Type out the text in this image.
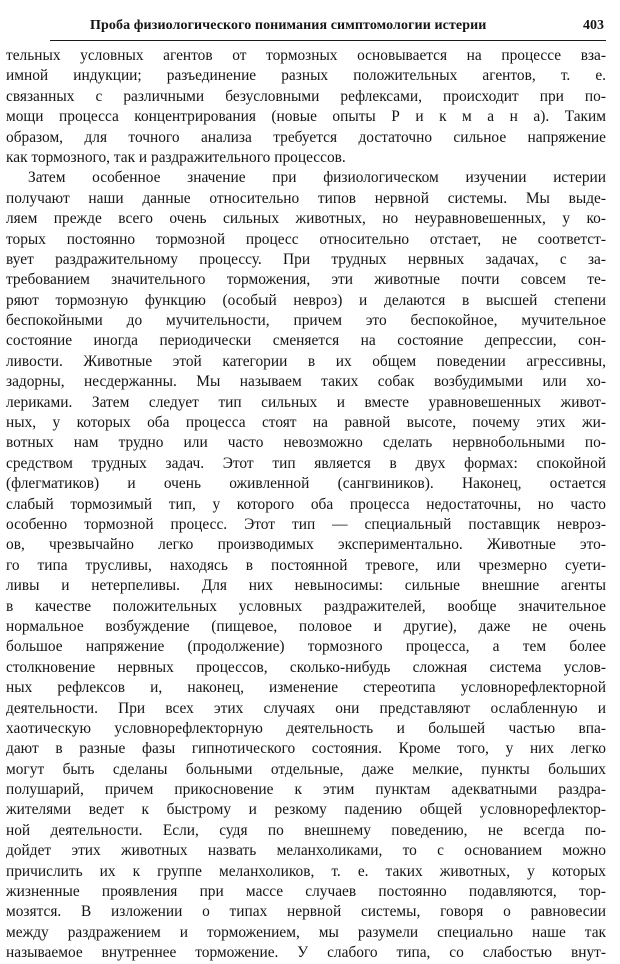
Проба физиологического понимания симптомологии истерии	403
тельных условных агентов от тормозных основывается на процессе вза-
имной индукции; разъединение разных положительных агентов, т. е.
связанных с различными безусловными рефлексами, происходит при по-
мощи процесса концентрирования (новые опыты Р и к м а н а). Таким
образом, для точного анализа требуется достаточно сильное напряжение
как тормозного, так и раздражительного процессов.
Затем особенное значение при физиологическом изучении истерии
получают наши данные относительно типов нервной системы. Мы выде-
ляем прежде всего очень сильных животных, но неуравновешенных, у ко-
торых постоянно тормозной процесс относительно отстает, не соответст-
вует раздражительному процессу. При трудных нервных задачах, с за-
требованием значительного торможения, эти животные почти совсем те-
ряют тормозную функцию (особый невроз) и делаются в высшей степени
беспокойными до мучительности, причем это беспокойное, мучительное
состояние иногда периодически сменяется на состояние депрессии, сон-
ливости. Животные этой категории в их общем поведении агрессивны,
задорны, несдержанны. Мы называем таких собак возбудимыми или хо-
лериками. Затем следует тип сильных и вместе уравновешенных живот-
ных, у которых оба процесса стоят на равной высоте, почему этих жи-
вотных нам трудно или часто невозможно сделать нервнобольными по-
средством трудных задач. Этот тип является в двух формах: спокойной
(флегматиков) и очень оживленной (сангвиников). Наконец, остается
слабый тормозимый тип, у которого оба процесса недостаточны, но часто
особенно тормозной процесс. Этот тип — специальный поставщик невроз-
ов, чрезвычайно легко производимых экспериментально. Животные это-
го типа трусливы, находясь в постоянной тревоге, или чрезмерно суети-
ливы и нетерпеливы. Для них невыносимы: сильные внешние агенты
в качестве положительных условных раздражителей, вообще значительное
нормальное возбуждение (пищевое, половое и другие), даже не очень
большое напряжение (продолжение) тормозного процесса, а тем более
столкновение нервных процессов, сколько-нибудь сложная система услов-
ных рефлексов и, наконец, изменение стереотипа условнорефлекторной
деятельности. При всех этих случаях они представляют ослабленную и
хаотическую условнорефлекторную деятельность и большей частью впа-
дают в разные фазы гипнотического состояния. Кроме того, у них легко
могут быть сделаны больными отдельные, даже мелкие, пункты больших
полушарий, причем прикосновение к этим пунктам адекватными раздра-
жителями ведет к быстрому и резкому падению общей условнорефлектор-
ной деятельности. Если, судя по внешнему поведению, не всегда по-
дойдет этих животных назвать меланхоликами, то с основанием можно
причислить их к группе меланхоликов, т. е. таких животных, у которых
жизненные проявления при массе случаев постоянно подавляются, тор-
мозятся. В изложении о типах нервной системы, говоря о равновесии
между раздражением и торможением, мы разумели специально наше так
называемое внутреннее торможение. У слабого типа, со слабостью внут-
